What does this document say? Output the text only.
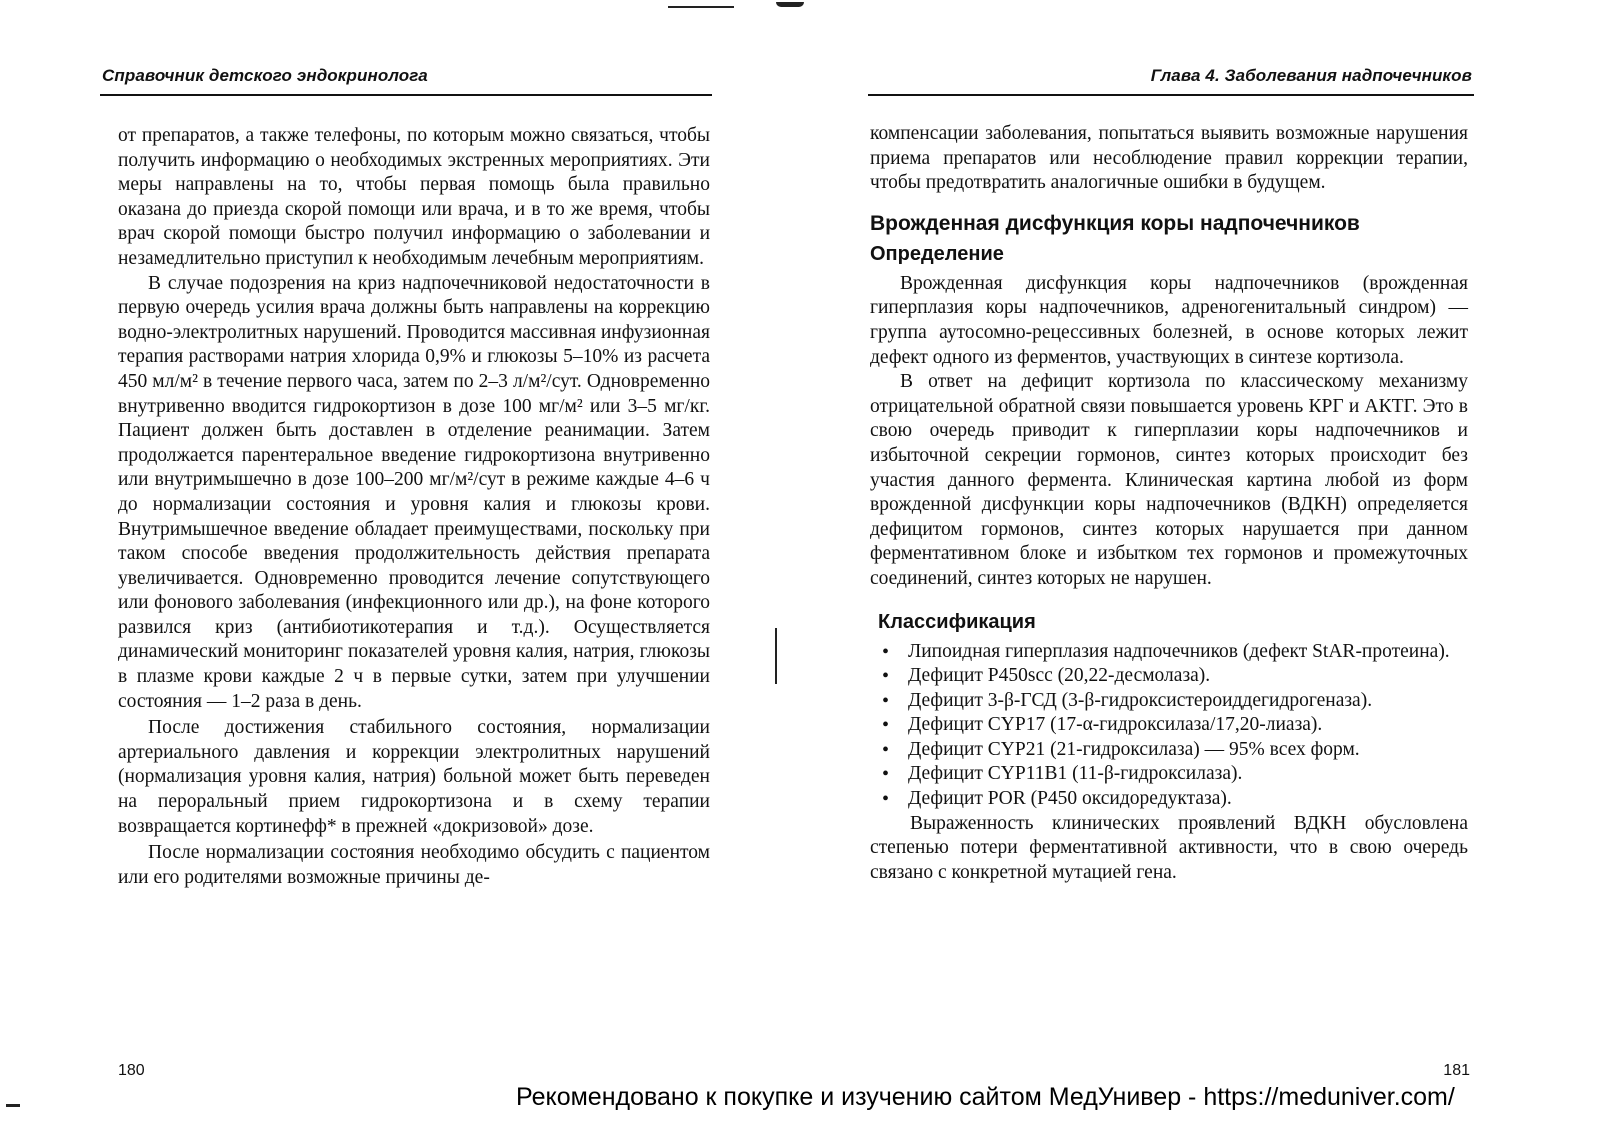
Справочник детского эндокринолога

от препаратов, а также телефоны, по которым можно связаться, чтобы получить информацию о необходимых экстренных мероприятиях. Эти меры направлены на то, чтобы первая помощь была правильно оказана до приезда скорой помощи или врача, и в то же время, чтобы врач скорой помощи быстро получил информацию о заболевании и незамедлительно приступил к необходимым лечебным мероприятиям.

В случае подозрения на криз надпочечниковой недостаточности в первую очередь усилия врача должны быть направлены на коррекцию водно-электролитных нарушений. Проводится массивная инфузионная терапия растворами натрия хлорида 0,9% и глюкозы 5–10% из расчета 450 мл/м² в течение первого часа, затем по 2–3 л/м²/сут. Одновременно внутривенно вводится гидрокортизон в дозе 100 мг/м² или 3–5 мг/кг. Пациент должен быть доставлен в отделение реанимации. Затем продолжается парентеральное введение гидрокортизона внутривенно или внутримышечно в дозе 100–200 мг/м²/сут в режиме каждые 4–6 ч до нормализации состояния и уровня калия и глюкозы крови. Внутримышечное введение обладает преимуществами, поскольку при таком способе введения продолжительность действия препарата увеличивается. Одновременно проводится лечение сопутствующего или фонового заболевания (инфекционного или др.), на фоне которого развился криз (антибиотикотерапия и т.д.). Осуществляется динамический мониторинг показателей уровня калия, натрия, глюкозы в плазме крови каждые 2 ч в первые сутки, затем при улучшении состояния — 1–2 раза в день.

После достижения стабильного состояния, нормализации артериального давления и коррекции электролитных нарушений (нормализация уровня калия, натрия) больной может быть переведен на пероральный прием гидрокортизона и в схему терапии возвращается кортинефф* в прежней «докризовой» дозе.

После нормализации состояния необходимо обсудить с пациентом или его родителями возможные причины де-

180
Глава 4. Заболевания надпочечников

компенсации заболевания, попытаться выявить возможные нарушения приема препаратов или несоблюдение правил коррекции терапии, чтобы предотвратить аналогичные ошибки в будущем.

Врожденная дисфункция коры надпочечников
Определение

Врожденная дисфункция коры надпочечников (врожденная гиперплазия коры надпочечников, адреногенитальный синдром) — группа аутосомно-рецессивных болезней, в основе которых лежит дефект одного из ферментов, участвующих в синтезе кортизола.

В ответ на дефицит кортизола по классическому механизму отрицательной обратной связи повышается уровень КРГ и АКТГ. Это в свою очередь приводит к гиперплазии коры надпочечников и избыточной секреции гормонов, синтез которых происходит без участия данного фермента. Клиническая картина любой из форм врожденной дисфункции коры надпочечников (ВДКН) определяется дефицитом гормонов, синтез которых нарушается при данном ферментативном блоке и избытком тех гормонов и промежуточных соединений, синтез которых не нарушен.

Классификация
• Липоидная гиперплазия надпочечников (дефект StAR-протеина).
• Дефицит P450scc (20,22-десмолаза).
• Дефицит 3-β-ГСД (3-β-гидроксистероиддегидрогеназа).
• Дефицит CYP17 (17-α-гидроксилаза/17,20-лиаза).
• Дефицит CYP21 (21-гидроксилаза) — 95% всех форм.
• Дефицит CYP11B1 (11-β-гидроксилаза).
• Дефицит POR (P450 оксидоредуктаза).

Выраженность клинических проявлений ВДКН обусловлена степенью потери ферментативной активности, что в свою очередь связано с конкретной мутацией гена.

181
Рекомендовано к покупке и изучению сайтом МедУнивер - https://meduniver.com/
